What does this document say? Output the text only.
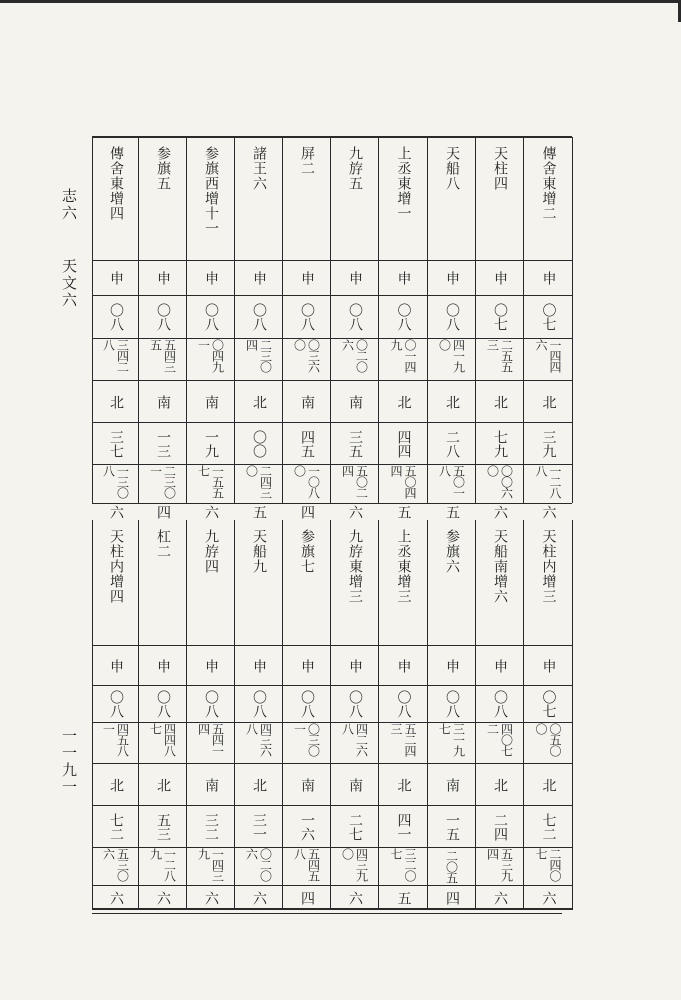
志六
天文六
一一九一
傳舍東增二
申
〇七
一四四六
北
三九
一二八八
六
天柱四
申
〇七
二五五三
北
七九
〇〇六〇
六
天船八
申
〇八
四一九〇
北
二八
五〇一八
五
上丞東增一
申
〇八
〇一四九
北
四四
五〇四四
五
九斿五
申
〇八
〇二〇六
南
三五
五〇二四
六
屏二
申
〇八
〇三六〇
南
四五
一〇八〇
四
諸王六
申
〇八
二三〇四
北
〇〇
二四三〇
五
参旗西增十一
申
〇八
〇四九一
南
一九
一五五七
六
参旗五
申
〇八
五四三五
南
一三
二三〇一
四
傳舍東增四
申
〇八
三四二八
北
三七
一三〇八
六
天柱内增三
申
〇七
〇五〇〇
北
七二
二四〇七
六
天船南增六
申
〇八
四〇七二
北
二四
五三九四
六
参旗六
申
〇八
三一九七
南
一五
二〇五
四
上丞東增三
申
〇八
五二四三
北
四一
三二〇七
五
九斿東增三
申
〇八
四二六八
南
二七
四三九〇
六
参旗七
申
〇八
〇三〇一
南
一六
五四五八
四
天船九
申
〇八
四三六八
北
三一
〇二〇六
六
九斿四
申
〇八
五四一四
南
三二
一四三九
六
杠二
申
〇八
四四八七
北
五三
一二八九
六
天柱内增四
申
〇八
四五八一
北
七二
五三〇六
六
